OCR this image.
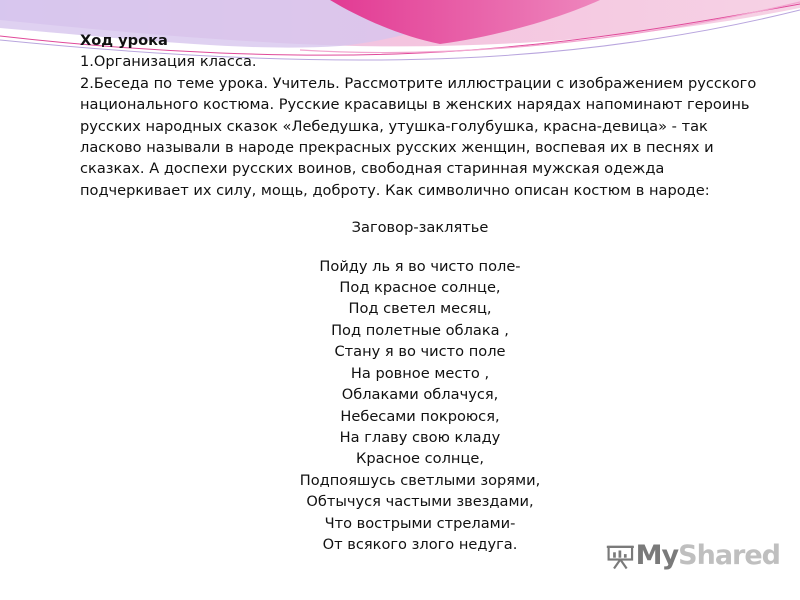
Ход урока

1.Организация класса.

2.Беседа по теме урока. Учитель. Рассмотрите иллюстрации с изображением русского национального костюма. Русские красавицы в женских нарядах напоминают героинь русских народных сказок «Лебедушка, утушка-голубушка, красна-девица» - так ласково называли в народе прекрасных русских женщин, воспевая их в песнях и сказках. А доспехи русских воинов, свободная старинная мужская одежда подчеркивает их силу, мощь, доброту. Как символично описан костюм в народе:

Заговор-заклятье
Пойду ль я во чисто поле-
Под красное солнце,
Под светел месяц,
Под полетные облака ,
Стану я во чисто поле
На ровное место ,
Облаками облачуся,
Небесами покроюся,
На главу свою кладу
Красное солнце,
Подпояшусь светлыми зорями,
Обтычуся частыми звездами,
Что вострыми стрелами-
От всякого злого недуга.	MyShared
